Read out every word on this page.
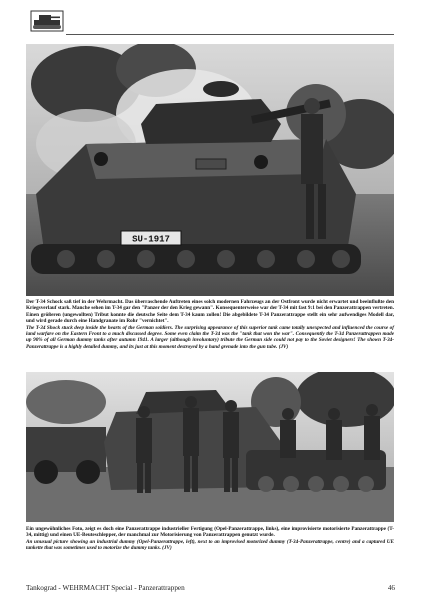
SU-1917

Der T-34 Schock saß tief in der Wehrmacht. Das überraschende Auftreten eines solch modernen Fahrzeugs an der Ostfront wurde nicht erwartet und beeinflußte den Kriegsverlauf stark. Manche sehen im T-34 gar den "Panzer der den Krieg gewann". Konsequenterweise war der T-34 mit fast 9:1 bei den Panzerattrappen vertreten. Einen größeren (ungewollten) Tribut konnte die deutsche Seite dem T-34 kaum zollen! Die abgebildete T-34 Panzerattrappe stellt ein sehr aufwendiges Modell dar, und wird gerade durch eine Handgranate im Rohr "vernichtet".

The T-34 Shock stuck deep inside the hearts of the German soldiers. The surprising appearance of this superior tank came totally unexpected and influenced the course of land warfare on the Eastern Front to a much discussed degree. Some even claim the T-34 was the "tank that won the war". Consequently the T-34 Panzerattrappen made up 90% of all German dummy tanks after autumn 1941. A larger (although involuntary) tribute the German side could not pay to the Soviet designers! The shown T-34-Panzerattrappe is a highly detailed dummy, and its just at this moment destroyed by a hand grenade into the gun tube. (JV)

Ein ungewöhnliches Foto, zeigt es doch eine Panzerattrappe industrieller Fertigung (Opel-Panzerattrappe, links), eine improvisierte motorisierte Panzerattrappe (T-34, mittig) und einen UE-Beuteschlepper, der manchmal zur Motorisierung von Panzerattrappen genutzt wurde.

An unusual picture showing an industrial dummy (Opel-Panzerattrappe, left), next to an improvised motorized dummy (T-34-Panzerattrappe, centre) and a captured UE tankette that was sometimes used to motorize the dummy tanks. (JV)

Tankograd - WEHRMACHT Special - Panzerattrappen	46
